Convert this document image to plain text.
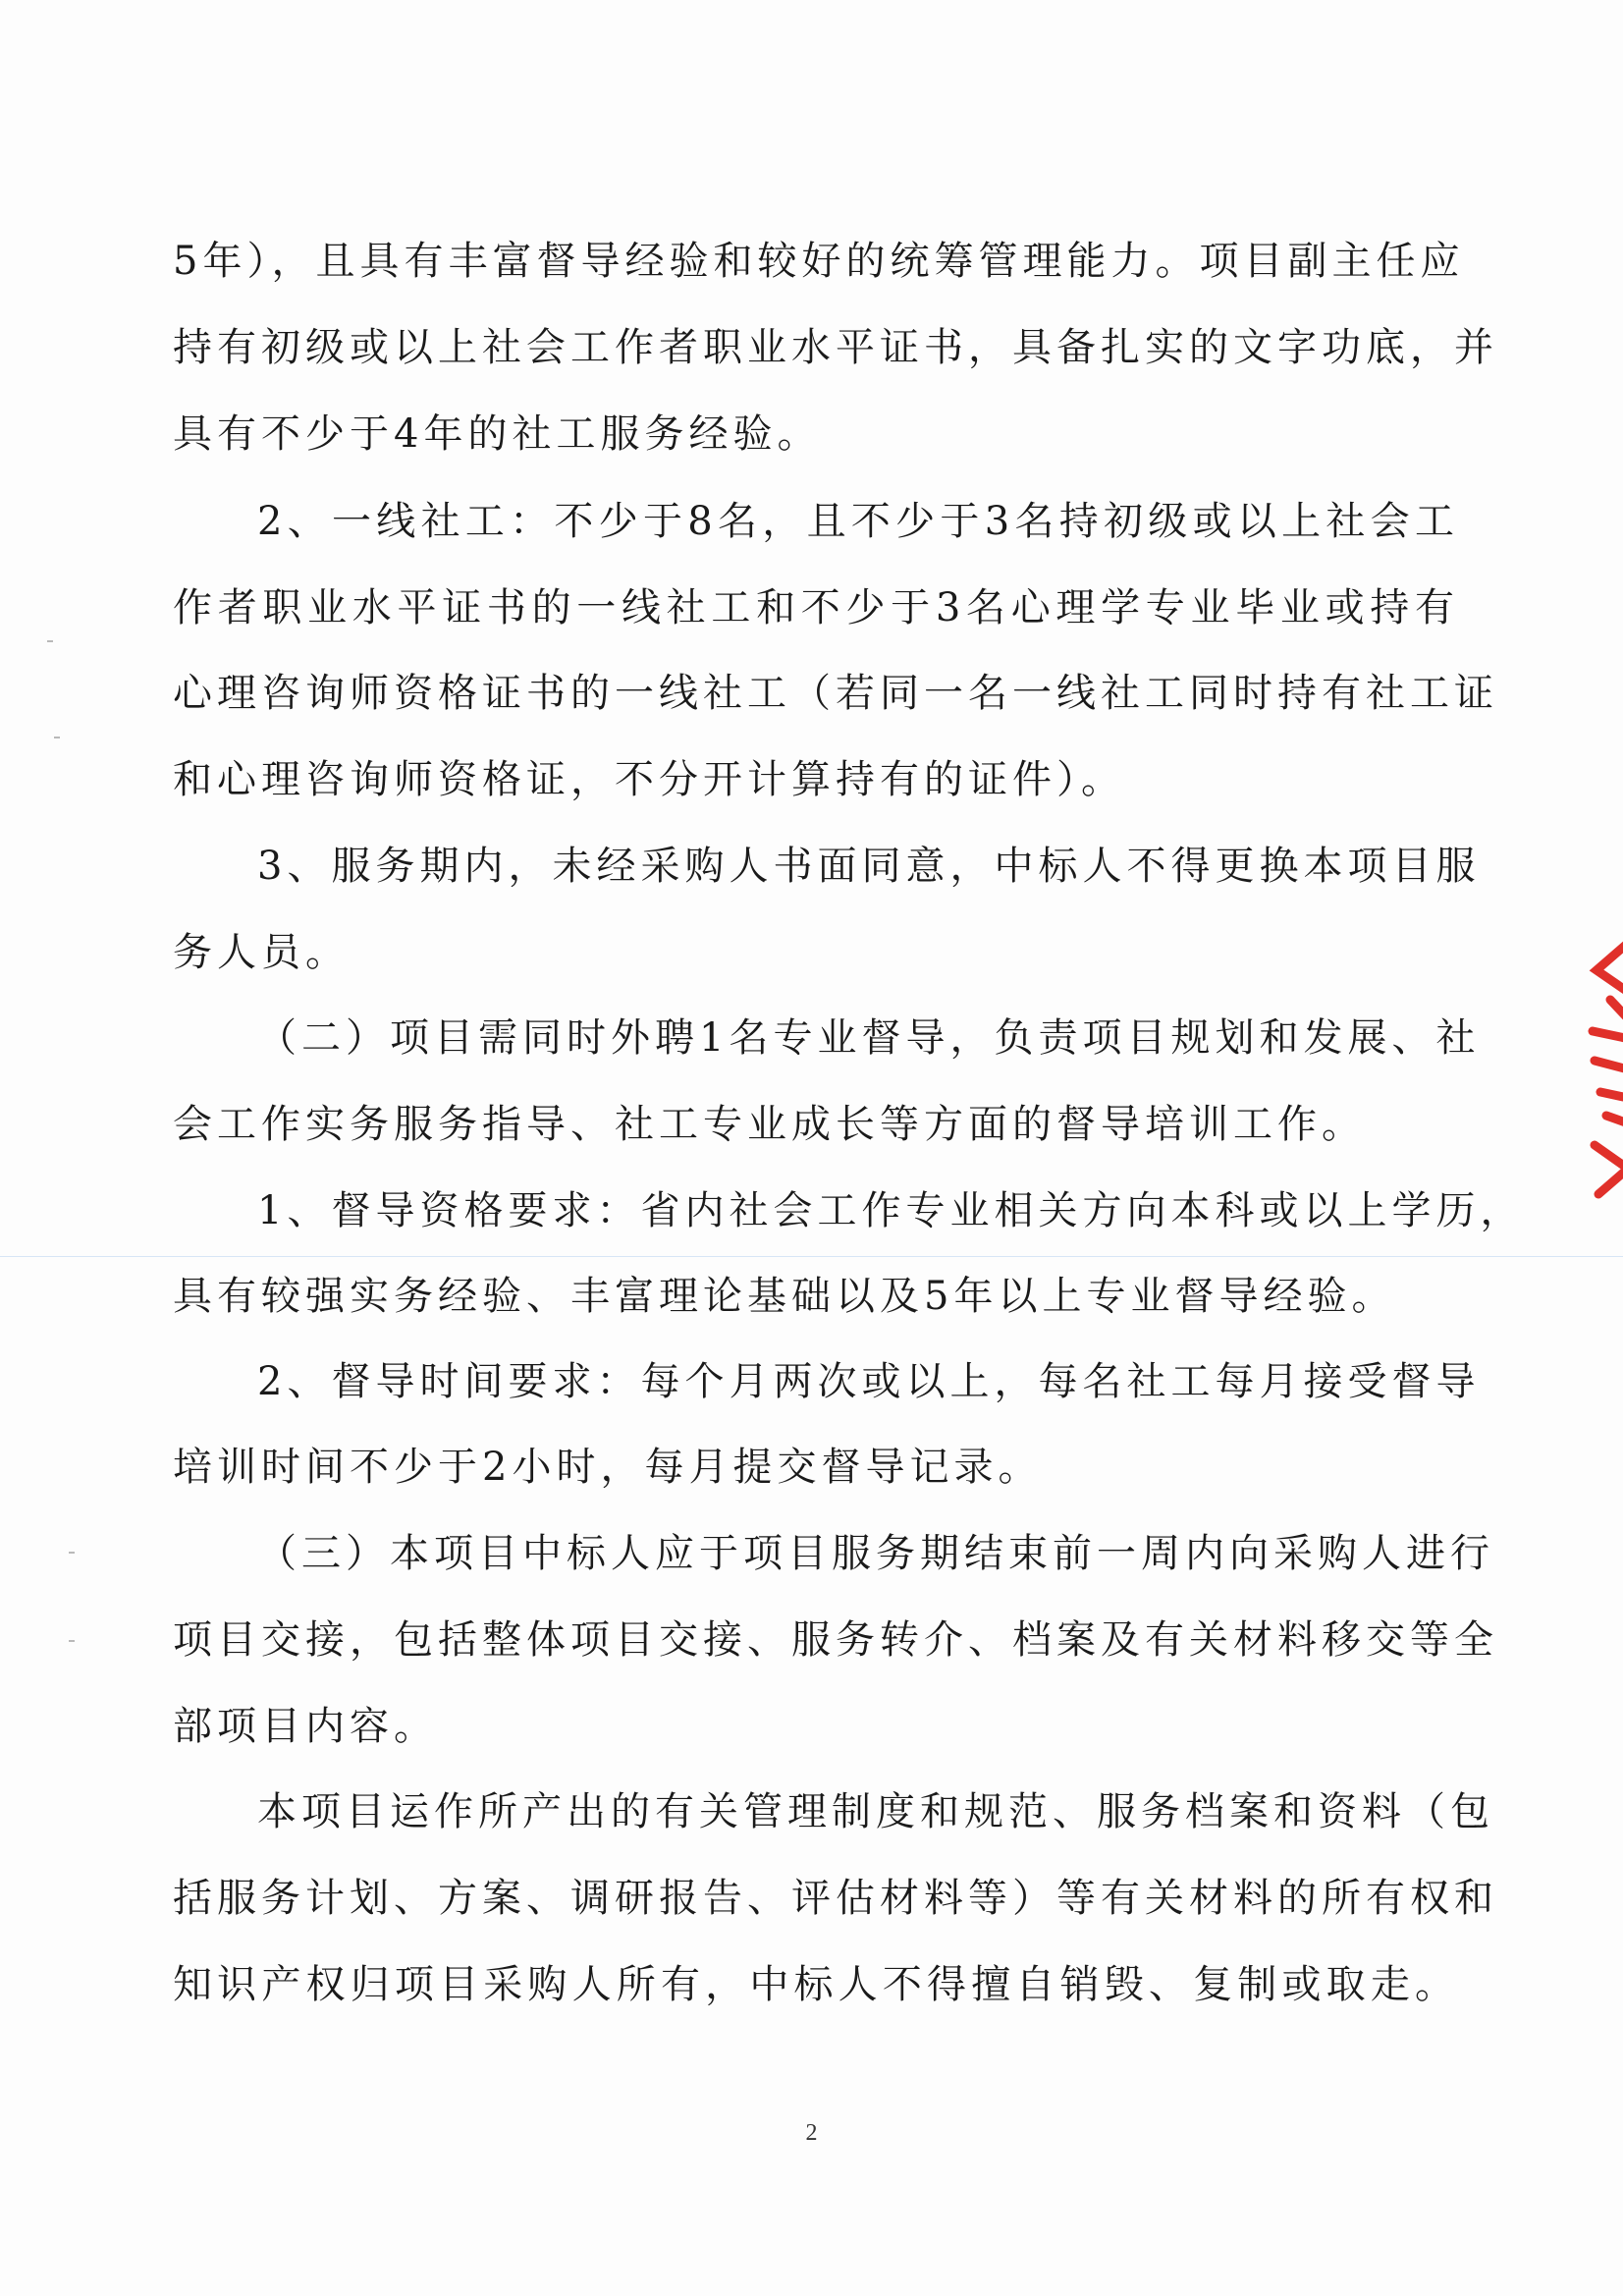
5年），且具有丰富督导经验和较好的统筹管理能力。项目副主任应
持有初级或以上社会工作者职业水平证书，具备扎实的文字功底，并
具有不少于4年的社工服务经验。
2、一线社工：不少于8名，且不少于3名持初级或以上社会工
作者职业水平证书的一线社工和不少于3名心理学专业毕业或持有
心理咨询师资格证书的一线社工（若同一名一线社工同时持有社工证
和心理咨询师资格证，不分开计算持有的证件）。
3、服务期内，未经采购人书面同意，中标人不得更换本项目服
务人员。
（二）项目需同时外聘1名专业督导，负责项目规划和发展、社
会工作实务服务指导、社工专业成长等方面的督导培训工作。
1、督导资格要求：省内社会工作专业相关方向本科或以上学历，
具有较强实务经验、丰富理论基础以及5年以上专业督导经验。
2、督导时间要求：每个月两次或以上，每名社工每月接受督导
培训时间不少于2小时，每月提交督导记录。
（三）本项目中标人应于项目服务期结束前一周内向采购人进行
项目交接，包括整体项目交接、服务转介、档案及有关材料移交等全
部项目内容。
本项目运作所产出的有关管理制度和规范、服务档案和资料（包
括服务计划、方案、调研报告、评估材料等）等有关材料的所有权和
知识产权归项目采购人所有，中标人不得擅自销毁、复制或取走。
2
